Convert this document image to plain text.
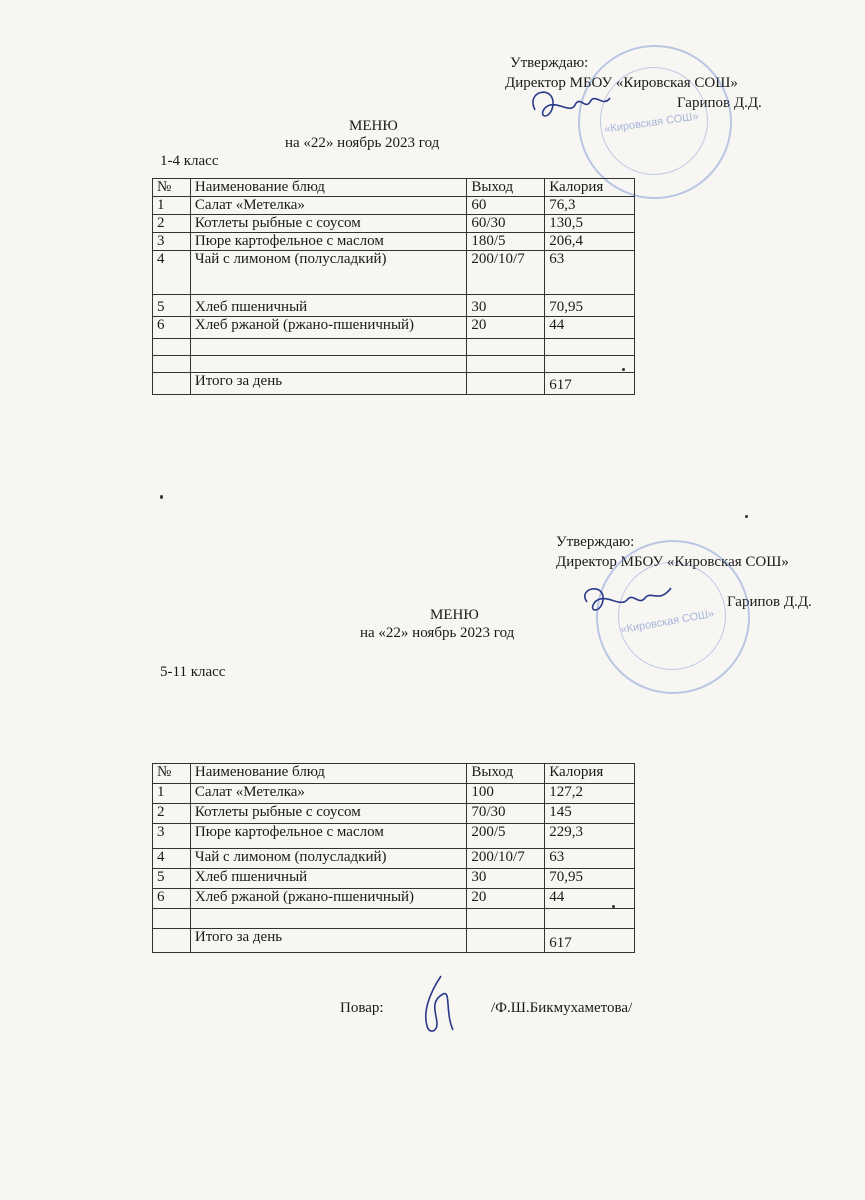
Утверждаю:
Директор МБОУ «Кировская СОШ»
Гарипов Д.Д.
«Кировская СОШ»
МЕНЮ
на «22» ноябрь 2023 год
1-4 класс
№	Наименование блюд	Выход	Калория
1	Салат «Метелка»	60	76,3
2	Котлеты рыбные с соусом	60/30	130,5
3	Пюре картофельное с маслом	180/5	206,4
4	Чай с лимоном (полусладкий)	200/10/7	63
5	Хлеб пшеничный	30	70,95
6	Хлеб ржаной (ржано-пшеничный)	20	44

	Итого за день		617
Утверждаю:
Директор МБОУ «Кировская СОШ»
Гарипов Д.Д.
«Кировская СОШ»
МЕНЮ
на «22» ноябрь 2023 год
5-11 класс
№	Наименование блюд	Выход	Калория
1	Салат «Метелка»	100	127,2
2	Котлеты рыбные с соусом	70/30	145
3	Пюре картофельное с маслом	200/5	229,3
4	Чай с лимоном (полусладкий)	200/10/7	63
5	Хлеб пшеничный	30	70,95
6	Хлеб ржаной (ржано-пшеничный)	20	44

	Итого за день		617
Повар:	/Ф.Ш.Бикмухаметова/
